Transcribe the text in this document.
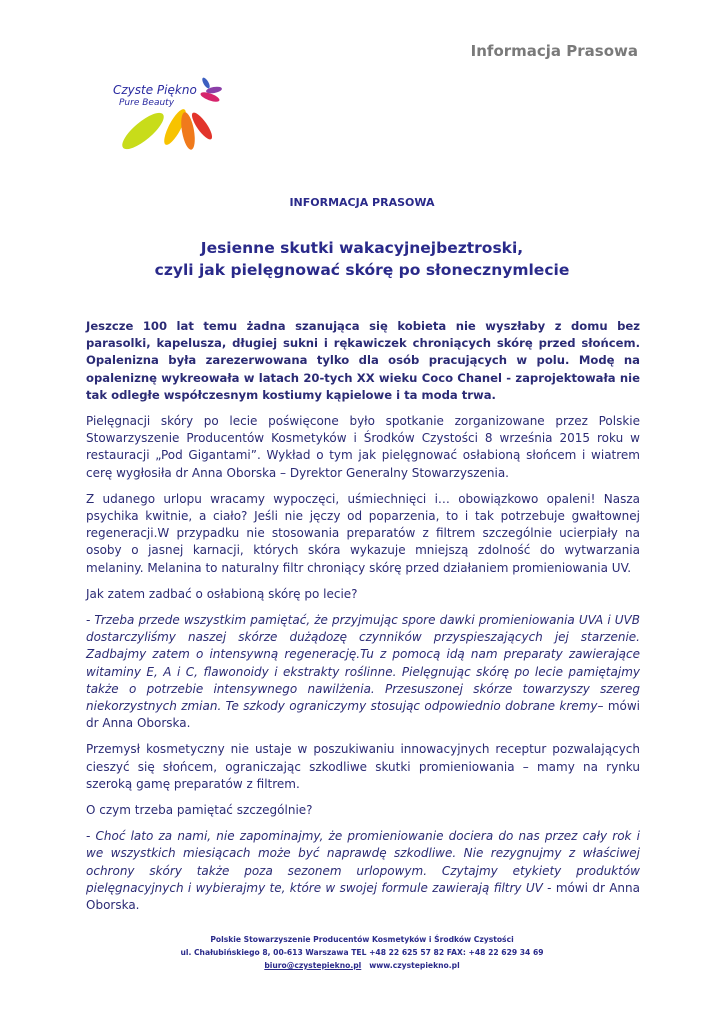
Informacja Prasowa
Czyste Piękno
Pure Beauty
INFORMACJA PRASOWA
Jesienne skutki wakacyjnejbeztroski,
czyli jak pielęgnować skórę po słonecznymlecie

Jeszcze 100 lat temu żadna szanująca się kobieta nie wyszłaby z domu bez parasolki, kapelusza, długiej sukni i rękawiczek chroniących skórę przed słońcem. Opalenizna była zarezerwowana tylko dla osób pracujących w polu. Modę na opaleniznę wykreowała w latach 20-tych XX wieku Coco Chanel - zaprojektowała nie tak odległe współczesnym kostiumy kąpielowe i ta moda trwa.

Pielęgnacji skóry po lecie poświęcone było spotkanie zorganizowane przez Polskie Stowarzyszenie Producentów Kosmetyków i Środków Czystości 8 września 2015 roku w restauracji „Pod Gigantami”. Wykład o tym jak pielęgnować osłabioną słońcem i wiatrem cerę wygłosiła dr Anna Oborska – Dyrektor Generalny Stowarzyszenia.

Z udanego urlopu wracamy wypoczęci, uśmiechnięci i… obowiązkowo opaleni! Nasza psychika kwitnie, a ciało? Jeśli nie jęczy od poparzenia, to i tak potrzebuje gwałtownej regeneracji.W przypadku nie stosowania preparatów z filtrem szczególnie ucierpiały na osoby o jasnej karnacji, których skóra wykazuje mniejszą zdolność do wytwarzania melaniny. Melanina to naturalny filtr chroniący skórę przed działaniem promieniowania UV.

Jak zatem zadbać o osłabioną skórę po lecie?

- Trzeba przede wszystkim pamiętać, że przyjmując spore dawki promieniowania UVA i UVB dostarczyliśmy naszej skórze dużądozę czynników przyspieszających jej starzenie. Zadbajmy zatem o intensywną regenerację.Tu z pomocą idą nam preparaty zawierające witaminy E, A i C, flawonoidy i ekstrakty roślinne. Pielęgnując skórę po lecie pamiętajmy także o potrzebie intensywnego nawilżenia. Przesuszonej skórze towarzyszy szereg niekorzystnych zmian. Te szkody ograniczymy stosując odpowiednio dobrane kremy– mówi dr Anna Oborska.

Przemysł kosmetyczny nie ustaje w poszukiwaniu innowacyjnych receptur pozwalających cieszyć się słońcem, ograniczając szkodliwe skutki promieniowania – mamy na rynku szeroką gamę preparatów z filtrem.

O czym trzeba pamiętać szczególnie?

- Choć lato za nami, nie zapominajmy, że promieniowanie dociera do nas przez cały rok i we wszystkich miesiącach może być naprawdę szkodliwe. Nie rezygnujmy z właściwej ochrony skóry także poza sezonem urlopowym. Czytajmy etykiety produktów pielęgnacyjnych i wybierajmy te, które w swojej formule zawierają filtry UV - mówi dr Anna Oborska.

Polskie Stowarzyszenie Producentów Kosmetyków i Środków Czystości
ul. Chałubińskiego 8, 00-613 Warszawa TEL +48 22 625 57 82 FAX: +48 22 629 34 69
biuro@czystepiekno.pl www.czystepiekno.pl
